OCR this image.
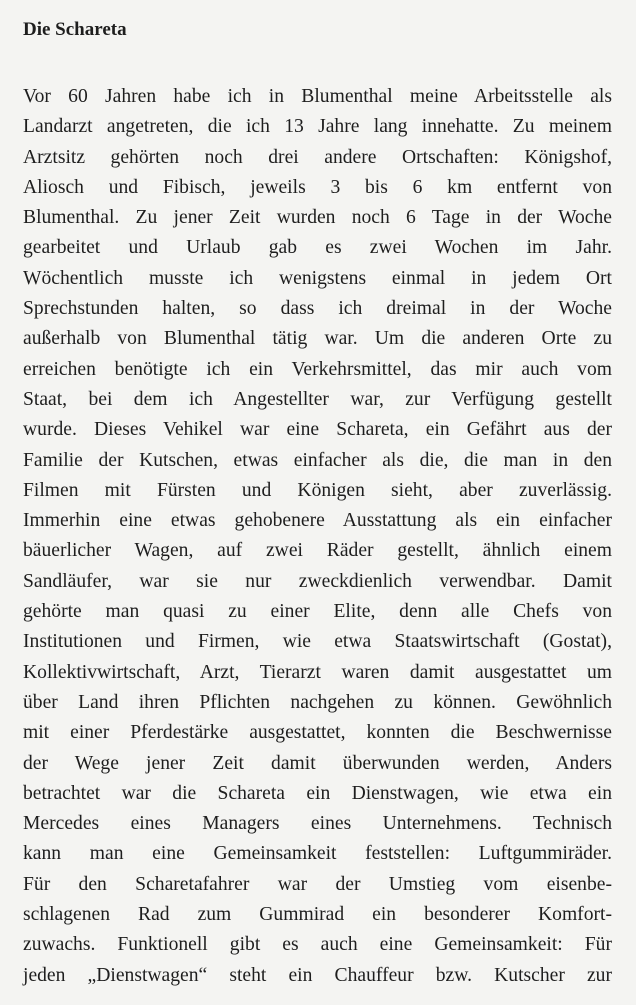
Die Schareta
Vor 60 Jahren habe ich in Blumenthal meine Arbeitsstelle als
Landarzt angetreten, die ich 13 Jahre lang innehatte. Zu meinem
Arztsitz gehörten noch drei andere Ortschaften: Königshof,
Aliosch und Fibisch, jeweils 3 bis 6 km entfernt von
Blumenthal. Zu jener Zeit wurden noch 6 Tage in der Woche
gearbeitet und Urlaub gab es zwei Wochen im Jahr.
Wöchentlich musste ich wenigstens einmal in jedem Ort
Sprechstunden halten, so dass ich dreimal in der Woche
außerhalb von Blumenthal tätig war. Um die anderen Orte zu
erreichen benötigte ich ein Verkehrsmittel, das mir auch vom
Staat, bei dem ich Angestellter war, zur Verfügung gestellt
wurde. Dieses Vehikel war eine Schareta, ein Gefährt aus der
Familie der Kutschen, etwas einfacher als die, die man in den
Filmen mit Fürsten und Königen sieht, aber zuverlässig.
Immerhin eine etwas gehobenere Ausstattung als ein einfacher
bäuerlicher Wagen, auf zwei Räder gestellt, ähnlich einem
Sandläufer, war sie nur zweckdienlich verwendbar. Damit
gehörte man quasi zu einer Elite, denn alle Chefs von
Institutionen und Firmen, wie etwa Staatswirtschaft (Gostat),
Kollektivwirtschaft, Arzt, Tierarzt waren damit ausgestattet um
über Land ihren Pflichten nachgehen zu können. Gewöhnlich
mit einer Pferdestärke ausgestattet, konnten die Beschwernisse
der Wege jener Zeit damit überwunden werden, Anders
betrachtet war die Schareta ein Dienstwagen, wie etwa ein
Mercedes eines Managers eines Unternehmens. Technisch
kann man eine Gemeinsamkeit feststellen: Luftgummiräder.
Für den Scharetafahrer war der Umstieg vom eisenbe-
schlagenen Rad zum Gummirad ein besonderer Komfort-
zuwachs. Funktionell gibt es auch eine Gemeinsamkeit: Für
jeden „Dienstwagen“ steht ein Chauffeur bzw. Kutscher zur
